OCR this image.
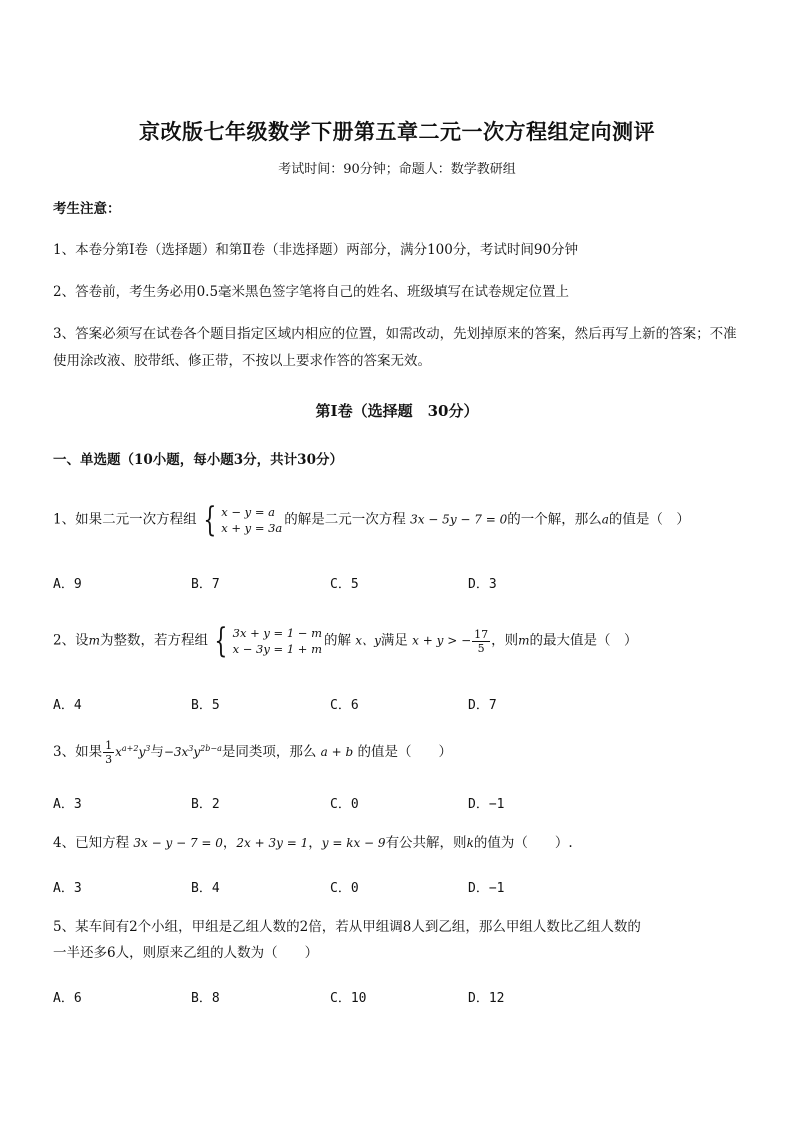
京改版七年级数学下册第五章二元一次方程组定向测评
考试时间：90分钟；命题人：数学教研组
考生注意：
1、本卷分第Ⅰ卷（选择题）和第Ⅱ卷（非选择题）两部分，满分100分，考试时间90分钟
2、答卷前，考生务必用0.5毫米黑色签字笔将自己的姓名、班级填写在试卷规定位置上
3、答案必须写在试卷各个题目指定区域内相应的位置，如需改动，先划掉原来的答案，然后再写上新的答案；不准使用涂改液、胶带纸、修正带，不按以上要求作答的答案无效。
第Ⅰ卷（选择题　30分）
一、单选题（10小题，每小题3分，共计30分）
1、如果二元一次方程组 { x − y = a
x + y = 3a
的解是二元一次方程 3x − 5y − 7 = 0的一个解，那么a的值是（　）
A．9	B．7	C．5	D．3
2、设m为整数，若方程组 { 3x + y = 1 − m
x − 3y = 1 + m
的解 x、y满足 x + y > − $\frac{17}{5}$ ，则m的最大值是（　）
A．4	B．5	C．6	D．7
3、如果 $\frac{1}{3} x^{a+2}y^3$与$-3x^3y^{2b-a}$是同类项，那么 a + b 的值是（　　）
A．3	B．2	C．0	D．−1
4、已知方程 3x − y − 7 = 0，2x + 3y = 1，y = kx − 9有公共解，则k的值为（　　）.
A．3	B．4	C．0	D．−1
5、某车间有2个小组，甲组是乙组人数的2倍，若从甲组调8人到乙组，那么甲组人数比乙组人数的
一半还多6人，则原来乙组的人数为（　　）
A．6	B．8	C．10	D．12
